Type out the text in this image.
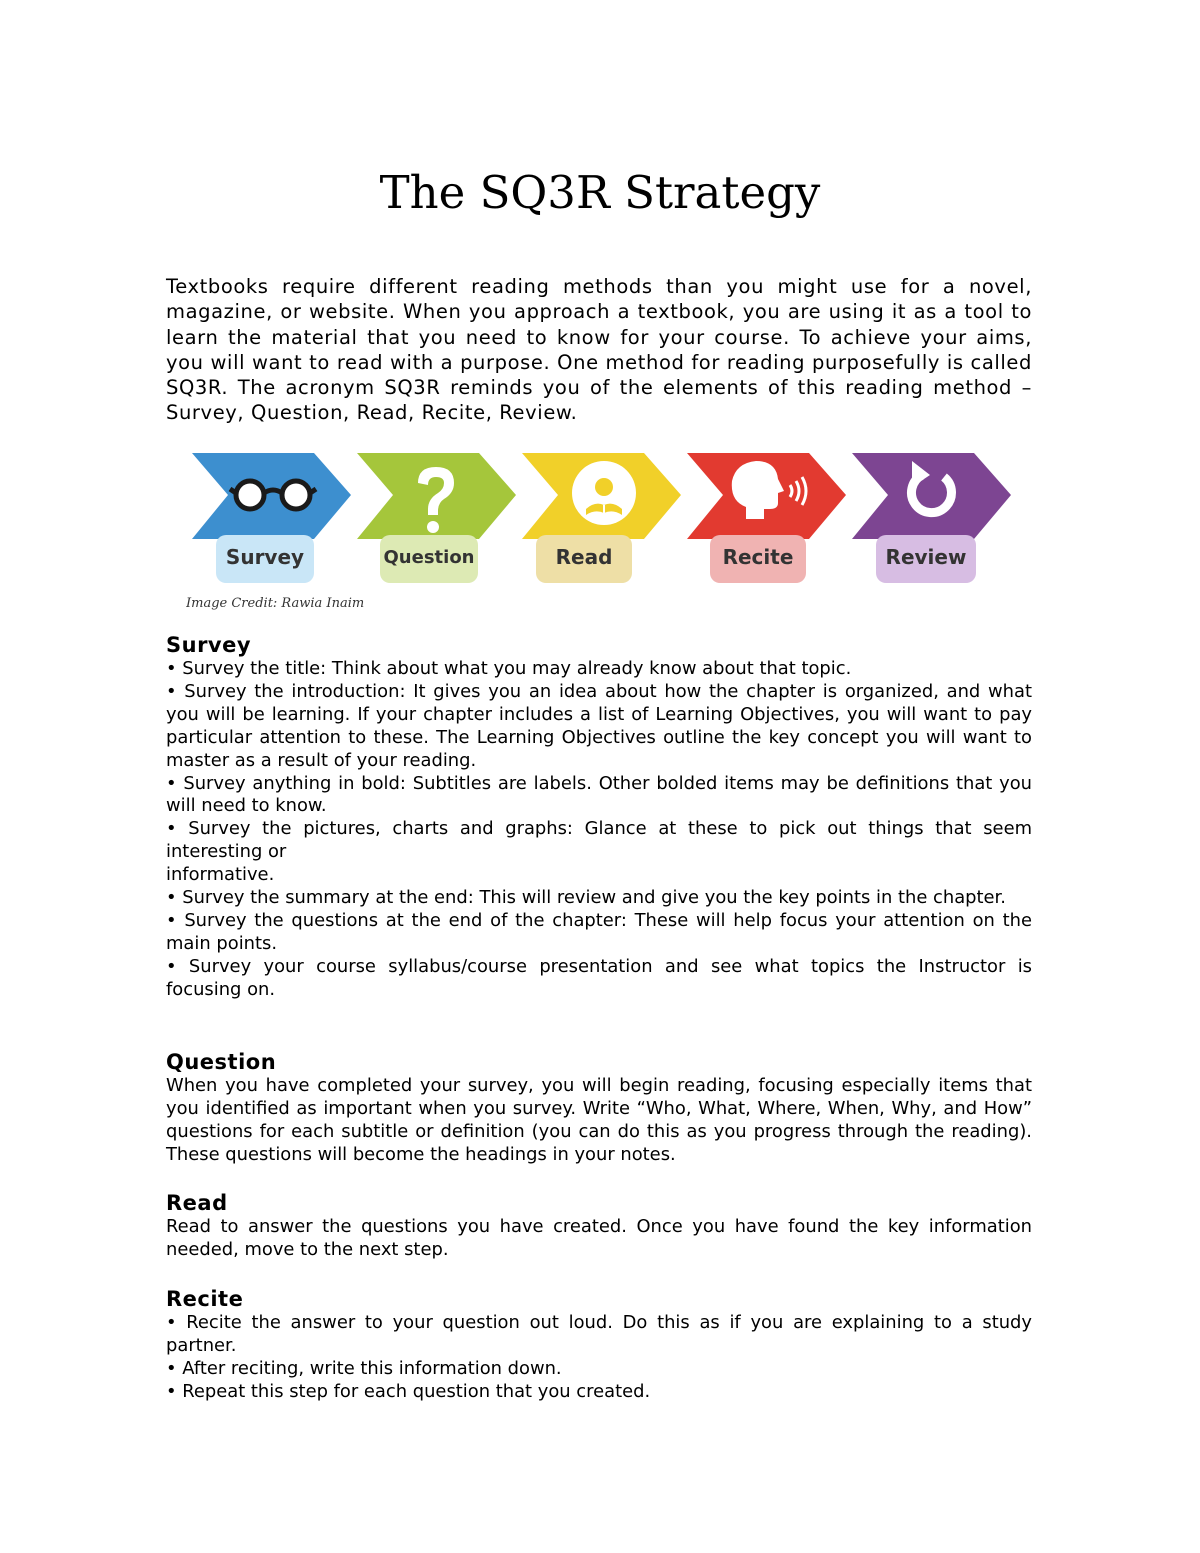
The SQ3R Strategy

Textbooks require different reading methods than you might use for a novel, magazine, or website. When you approach a textbook, you are using it as a tool to learn the material that you need to know for your course. To achieve your aims, you will want to read with a purpose. One method for reading purposefully is called SQ3R. The acronym SQ3R reminds you of the elements of this reading method – Survey, Question, Read, Recite, Review.

Survey	Question	Read	Recite	Review
Image Credit: Rawia Inaim
Survey

• Survey the title: Think about what you may already know about that topic.

• Survey the introduction: It gives you an idea about how the chapter is organized, and what you will be learning. If your chapter includes a list of Learning Objectives, you will want to pay particular attention to these. The Learning Objectives outline the key concept you will want to master as a result of your reading.

• Survey anything in bold: Subtitles are labels. Other bolded items may be definitions that you will need to know.

• Survey the pictures, charts and graphs: Glance at these to pick out things that seem interesting or

informative.

• Survey the summary at the end: This will review and give you the key points in the chapter.

• Survey the questions at the end of the chapter: These will help focus your attention on the main points.

• Survey your course syllabus/course presentation and see what topics the Instructor is focusing on.

Question

When you have completed your survey, you will begin reading, focusing especially items that you identified as important when you survey. Write “Who, What, Where, When, Why, and How” questions for each subtitle or definition (you can do this as you progress through the reading). These questions will become the headings in your notes.

Read

Read to answer the questions you have created. Once you have found the key information needed, move to the next step.

Recite

• Recite the answer to your question out loud. Do this as if you are explaining to a study partner.

• After reciting, write this information down.

• Repeat this step for each question that you created.
